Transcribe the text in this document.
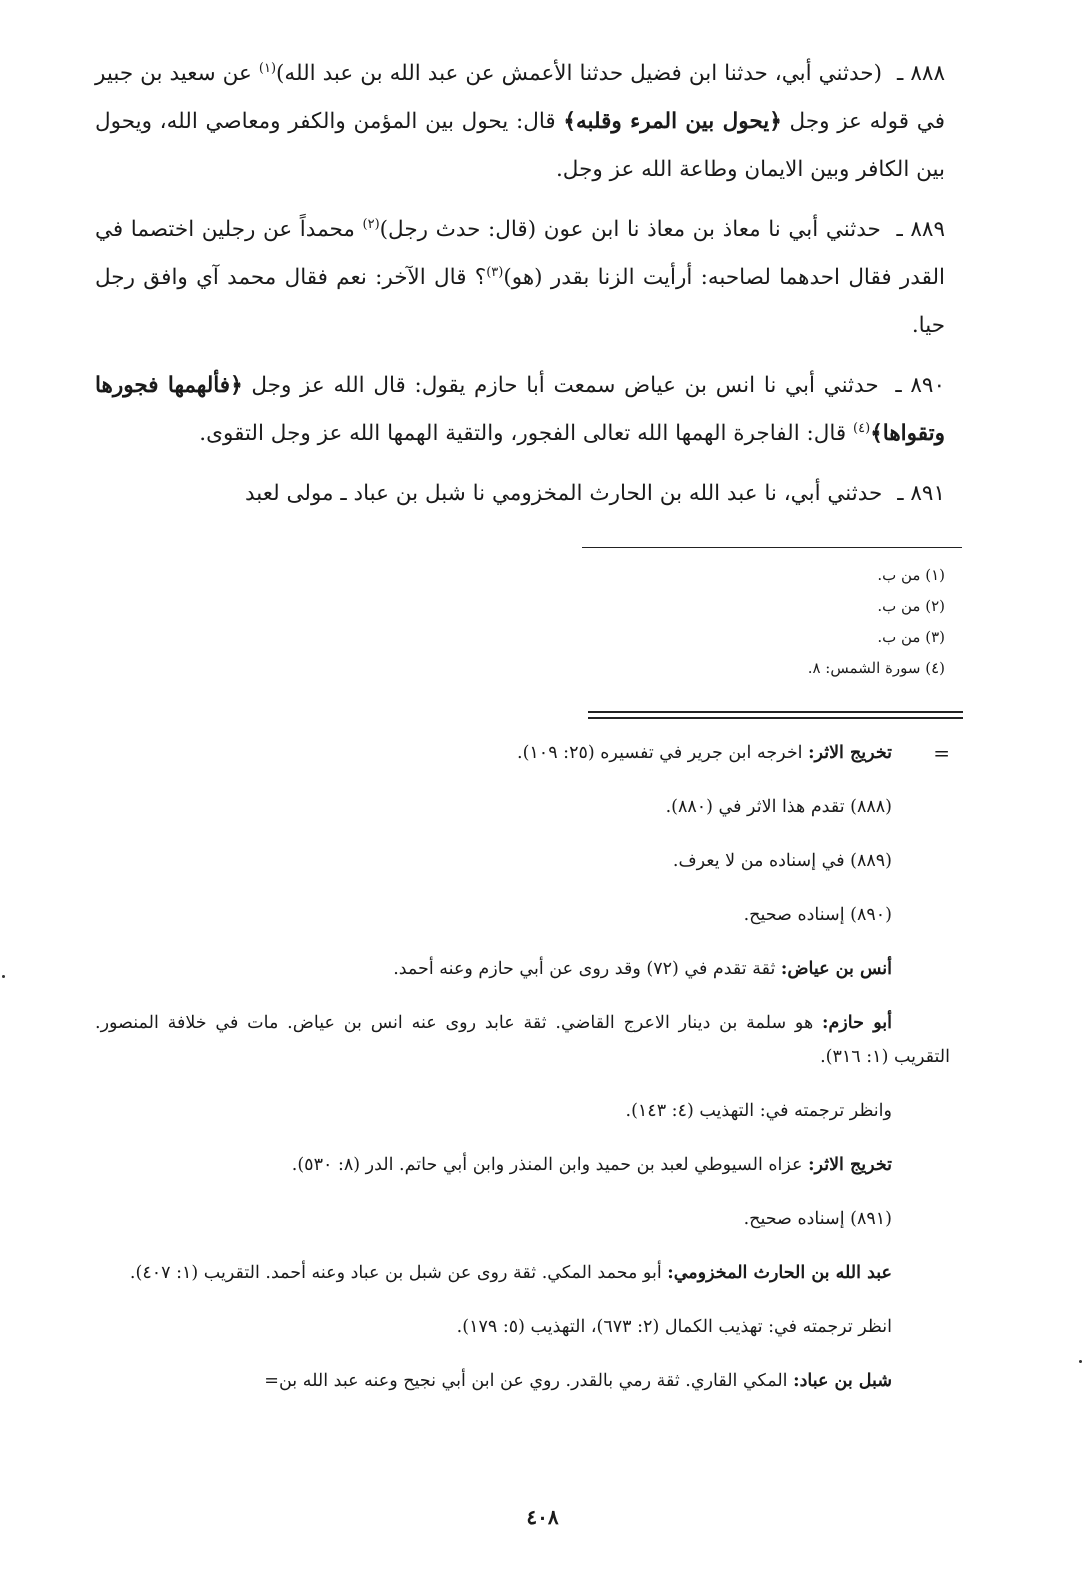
٨٨٨ ـ (حدثني أبي، حدثنا ابن فضيل حدثنا الأعمش عن عبد الله بن عبد الله)$^{(١)}$ عن سعيد بن جبير في قوله عز وجل ﴿يحول بين المرء وقلبه﴾ قال: يحول بين المؤمن والكفر ومعاصي الله، ويحول بين الكافر وبين الايمان وطاعة الله عز وجل.

٨٨٩ ـ حدثني أبي نا معاذ بن معاذ نا ابن عون (قال: حدث رجل)$^{(٢)}$ محمداً عن رجلين اختصما في القدر فقال احدهما لصاحبه: أرأيت الزنا بقدر (هو)$^{(٣)}$؟ قال الآخر: نعم فقال محمد آي وافق رجل حيا.

٨٩٠ ـ حدثني أبي نا انس بن عياض سمعت أبا حازم يقول: قال الله عز وجل ﴿فألهمها فجورها وتقواها﴾$^{(٤)}$ قال: الفاجرة الهمها الله تعالى الفجور، والتقية الهمها الله عز وجل التقوى.

٨٩١ ـ حدثني أبي، نا عبد الله بن الحارث المخزومي نا شبل بن عباد ـ مولى لعبد

(١) من ب.
(٢) من ب.
(٣) من ب.
(٤) سورة الشمس: ٨.

=
تخريج الاثر: اخرجه ابن جرير في تفسيره (٢٥: ١٠٩).

(٨٨٨) تقدم هذا الاثر في (٨٨٠).

(٨٨٩) في إسناده من لا يعرف.

(٨٩٠) إسناده صحيح.

أنس بن عياض: ثقة تقدم في (٧٢) وقد روى عن أبي حازم وعنه أحمد.

أبو حازم: هو سلمة بن دينار الاعرج القاضي. ثقة عابد روى عنه انس بن عياض. مات في خلافة المنصور. التقريب (١: ٣١٦).

وانظر ترجمته في: التهذيب (٤: ١٤٣).

تخريج الاثر: عزاه السيوطي لعبد بن حميد وابن المنذر وابن أبي حاتم. الدر (٨: ٥٣٠).

(٨٩١) إسناده صحيح.

عبد الله بن الحارث المخزومي: أبو محمد المكي. ثقة روى عن شبل بن عباد وعنه أحمد. التقريب (١: ٤٠٧).

انظر ترجمته في: تهذيب الكمال (٢: ٦٧٣)، التهذيب (٥: ١٧٩).

شبل بن عباد: المكي القاري. ثقة رمي بالقدر. روي عن ابن أبي نجيح وعنه عبد الله بن=

٤٠٨
